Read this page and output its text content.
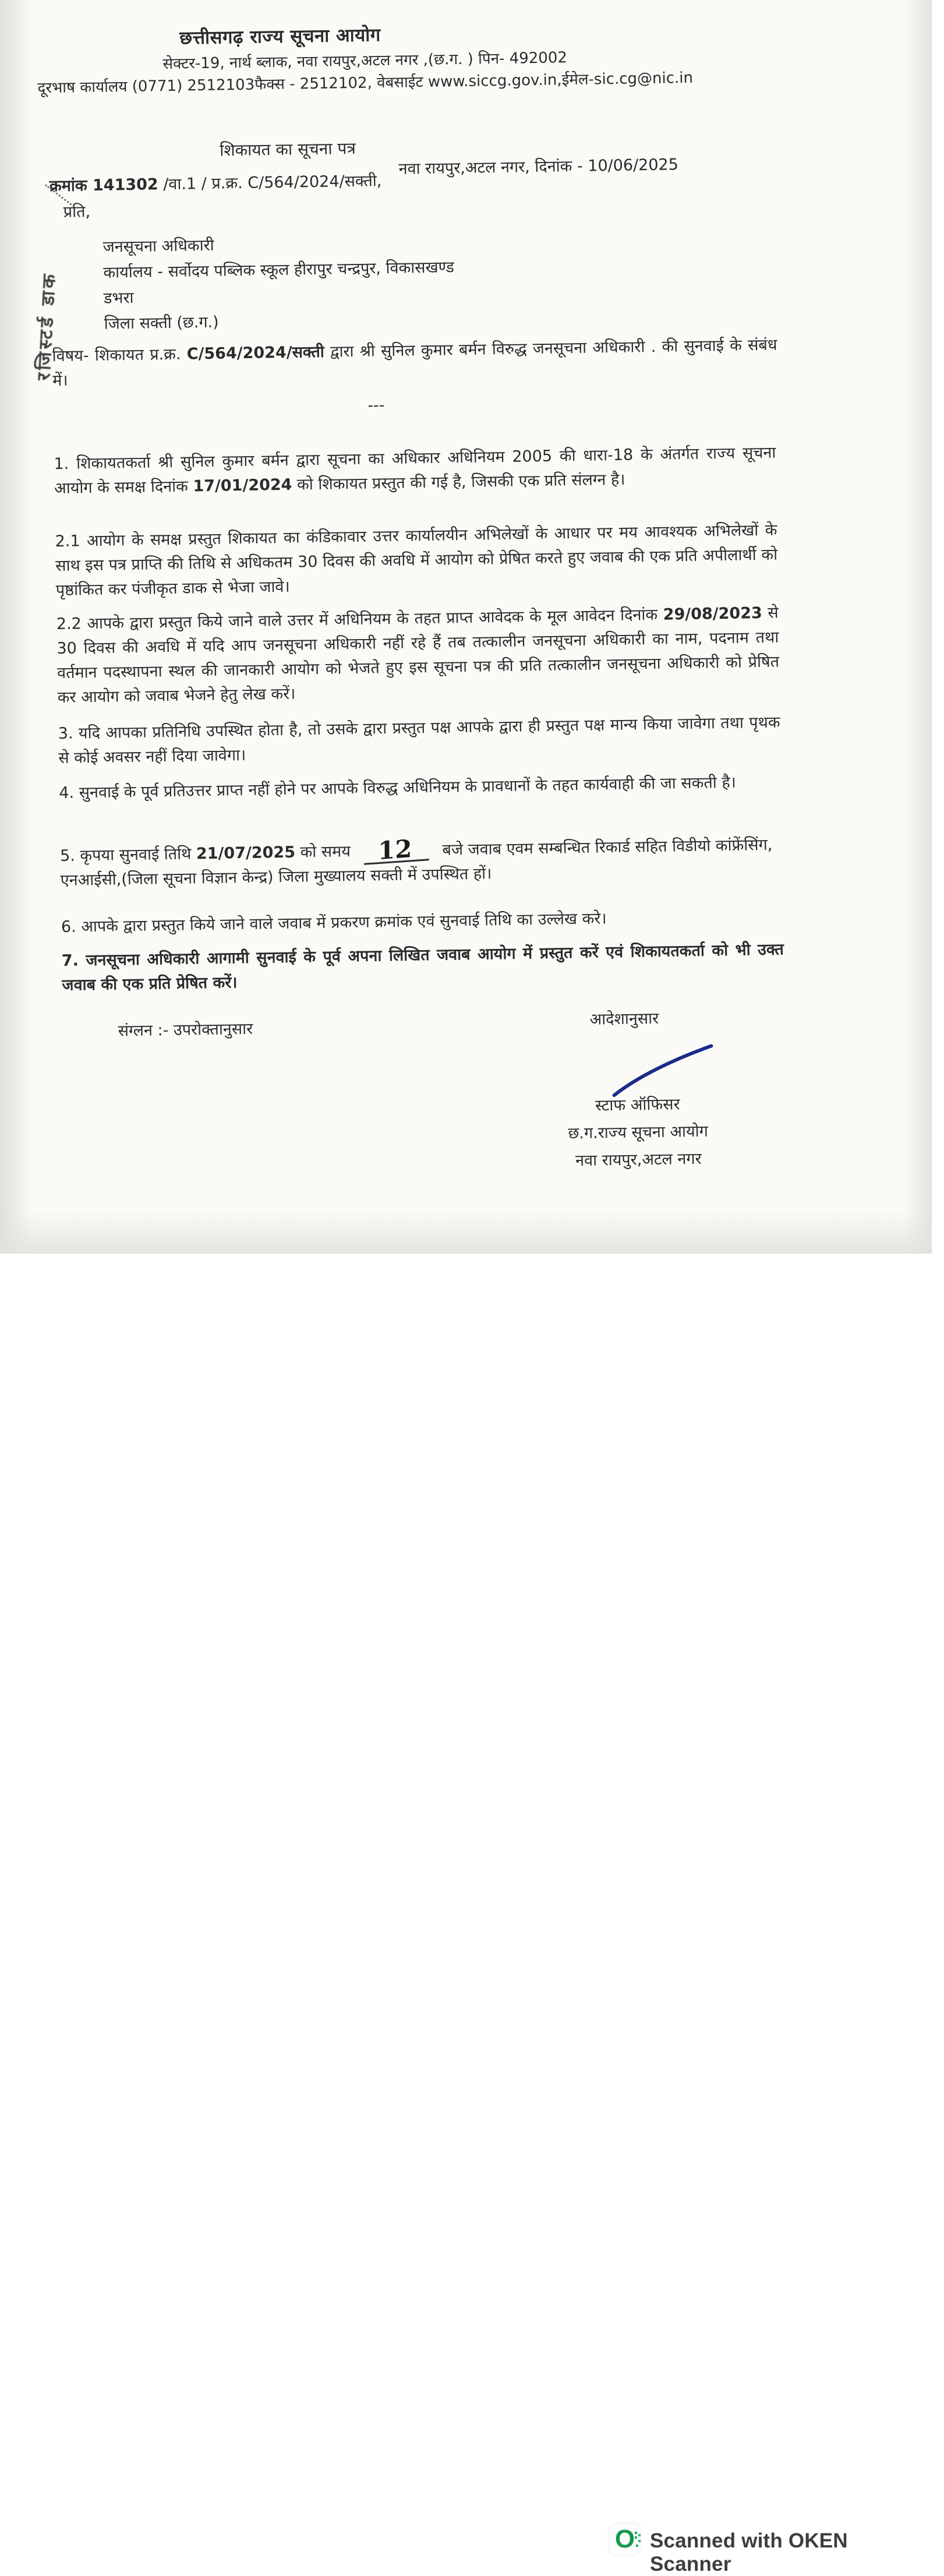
छत्तीसगढ़ राज्य सूचना आयोग
सेक्टर-19, नार्थ ब्लाक, नवा रायपुर,अटल नगर ,(छ.ग. ) पिन- 492002
दूरभाष कार्यालय (0771) 2512103फैक्स - 2512102, वेबसाईट www.siccg.gov.in,ईमेल-sic.cg@nic.in
शिकायत का सूचना पत्र
क्रमांक 141302 /वा.1 / प्र.क्र. C/564/2024/सक्ती,
नवा रायपुर,अटल नगर, दिनांक - 10/06/2025
प्रति,
जनसूचना अधिकारी
कार्यालय - सर्वोदय पब्लिक स्कूल हीरापुर चन्द्रपुर, विकासखण्ड
डभरा
जिला सक्ती (छ.ग.)
विषय- शिकायत प्र.क्र. C/564/2024/सक्ती द्वारा श्री सुनिल कुमार बर्मन विरुद्ध जनसूचना अधिकारी . की सुनवाई के संबंध में।
---
1. शिकायतकर्ता श्री सुनिल कुमार बर्मन द्वारा सूचना का अधिकार अधिनियम 2005 की धारा-18 के अंतर्गत राज्य सूचना आयोग के समक्ष दिनांक 17/01/2024 को शिकायत प्रस्तुत की गई है, जिसकी एक प्रति संलग्न है।
2.1 आयोग के समक्ष प्रस्तुत शिकायत का कंडिकावार उत्तर कार्यालयीन अभिलेखों के आधार पर मय आवश्यक अभिलेखों के साथ इस पत्र प्राप्ति की तिथि से अधिकतम 30 दिवस की अवधि में आयोग को प्रेषित करते हुए जवाब की एक प्रति अपीलार्थी को पृष्ठांकित कर पंजीकृत डाक से भेजा जावे।
2.2 आपके द्वारा प्रस्तुत किये जाने वाले उत्तर में अधिनियम के तहत प्राप्त आवेदक के मूल आवेदन दिनांक 29/08/2023 से 30 दिवस की अवधि में यदि आप जनसूचना अधिकारी नहीं रहे हैं तब तत्कालीन जनसूचना अधिकारी का नाम, पदनाम तथा वर्तमान पदस्थापना स्थल की जानकारी आयोग को भेजते हुए इस सूचना पत्र की प्रति तत्कालीन जनसूचना अधिकारी को प्रेषित कर आयोग को जवाब भेजने हेतु लेख करें।
3. यदि आपका प्रतिनिधि उपस्थित होता है, तो उसके द्वारा प्रस्तुत पक्ष आपके द्वारा ही प्रस्तुत पक्ष मान्य किया जावेगा तथा पृथक से कोई अवसर नहीं दिया जावेगा।
4. सुनवाई के पूर्व प्रतिउत्तर प्राप्त नहीं होने पर आपके विरुद्ध अधिनियम के प्रावधानों के तहत कार्यवाही की जा सकती है।
5. कृपया सुनवाई तिथि 21/07/2025 को समय 12 बजे जवाब एवम सम्बन्धित रिकार्ड सहित विडीयो कांफ्रेंसिंग, एनआईसी,(जिला सूचना विज्ञान केन्द्र) जिला मुख्यालय सक्ती में उपस्थित हों।
6. आपके द्वारा प्रस्तुत किये जाने वाले जवाब में प्रकरण क्रमांक एवं सुनवाई तिथि का उल्लेख करे।
7. जनसूचना अधिकारी आगामी सुनवाई के पूर्व अपना लिखित जवाब आयोग में प्रस्तुत करें एवं शिकायतकर्ता को भी उक्त जवाब की एक प्रति प्रेषित करें।
संग्लन :- उपरोक्तानुसार
आदेशानुसार
स्टाफ ऑफिसर
छ.ग.राज्य सूचना आयोग
नवा रायपुर,अटल नगर
रजिस्टर्ड डाक
O Scanned with OKEN Scanner
